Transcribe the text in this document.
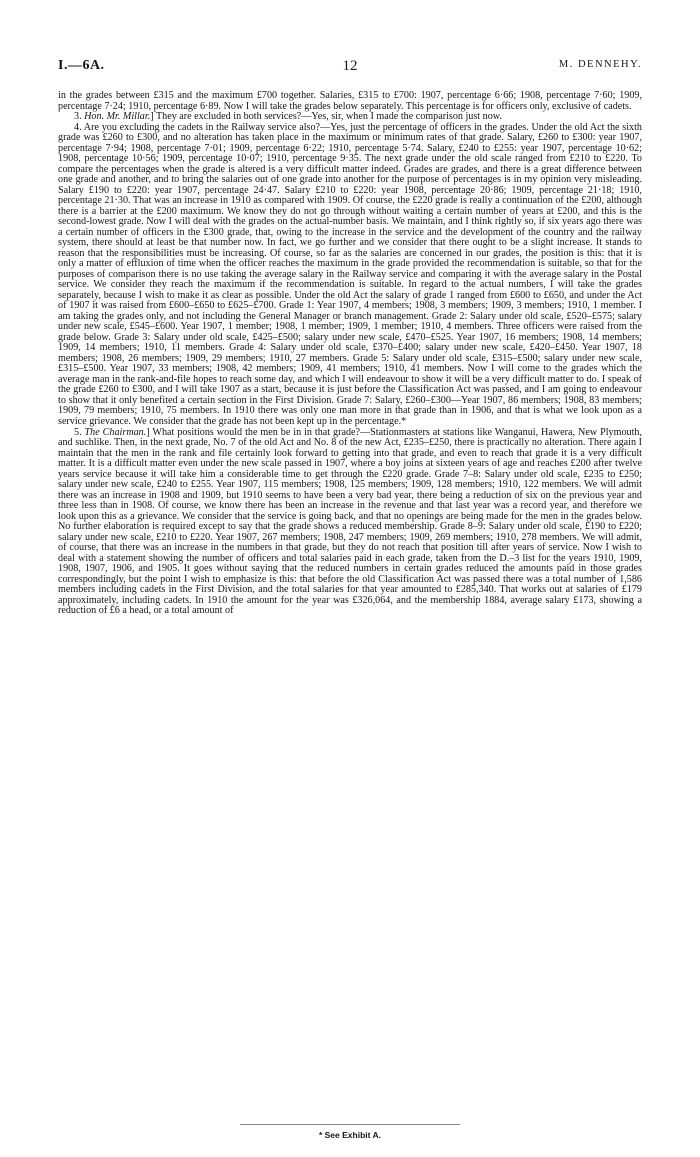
12
I.—6A.	M. DENNEHY.

in the grades between £315 and the maximum £700 together. Salaries, £315 to £700: 1907, percentage 6·66; 1908, percentage 7·60; 1909, percentage 7·24; 1910, percentage 6·89. Now I will take the grades below separately. This percentage is for officers only, exclusive of cadets.

3. Hon. Mr. Millar.] They are excluded in both services?—Yes, sir, when I made the comparison just now.

4. Are you excluding the cadets in the Railway service also?—Yes, just the percentage of officers in the grades. Under the old Act the sixth grade was £260 to £300, and no alteration has taken place in the maximum or minimum rates of that grade. Salary, £260 to £300: year 1907, percentage 7·94; 1908, percentage 7·01; 1909, percentage 6·22; 1910, percentage 5·74. Salary, £240 to £255: year 1907, percentage 10·62; 1908, percentage 10·56; 1909, percentage 10·07; 1910, percentage 9·35. The next grade under the old scale ranged from £210 to £220. To compare the percentages when the grade is altered is a very difficult matter indeed. Grades are grades, and there is a great difference between one grade and another, and to bring the salaries out of one grade into another for the purpose of percentages is in my opinion very misleading. Salary £190 to £220: year 1907, percentage 24·47. Salary £210 to £220: year 1908, percentage 20·86; 1909, percentage 21·18; 1910, percentage 21·30. That was an increase in 1910 as compared with 1909. Of course, the £220 grade is really a continuation of the £200, although there is a barrier at the £200 maximum. We know they do not go through without waiting a certain number of years at £200, and this is the second-lowest grade. Now I will deal with the grades on the actual-number basis. We maintain, and I think rightly so, if six years ago there was a certain number of officers in the £300 grade, that, owing to the increase in the service and the development of the country and the railway system, there should at least be that number now. In fact, we go further and we consider that there ought to be a slight increase. It stands to reason that the responsibilities must be increasing. Of course, so far as the salaries are concerned in our grades, the position is this: that it is only a matter of effluxion of time when the officer reaches the maximum in the grade provided the recommendation is suitable, so that for the purposes of comparison there is no use taking the average salary in the Railway service and comparing it with the average salary in the Postal service. We consider they reach the maximum if the recommendation is suitable. In regard to the actual numbers, I will take the grades separately, because I wish to make it as clear as possible. Under the old Act the salary of grade 1 ranged from £600 to £650, and under the Act of 1907 it was raised from £600–£650 to £625–£700. Grade 1: Year 1907, 4 members; 1908, 3 members; 1909, 3 members; 1910, 1 member. I am taking the grades only, and not including the General Manager or branch management. Grade 2: Salary under old scale, £520–£575; salary under new scale, £545–£600. Year 1907, 1 member; 1908, 1 member; 1909, 1 member; 1910, 4 members. Three officers were raised from the grade below. Grade 3: Salary under old scale, £425–£500; salary under new scale, £470–£525. Year 1907, 16 members; 1908, 14 members; 1909, 14 members; 1910, 11 members. Grade 4: Salary under old scale, £370–£400; salary under new scale, £420–£450. Year 1907, 18 members; 1908, 26 members; 1909, 29 members; 1910, 27 members. Grade 5: Salary under old scale, £315–£500; salary under new scale, £315–£500. Year 1907, 33 members; 1908, 42 members; 1909, 41 members; 1910, 41 members. Now I will come to the grades which the average man in the rank-and-file hopes to reach some day, and which I will endeavour to show it will be a very difficult matter to do. I speak of the grade £260 to £300, and I will take 1907 as a start, because it is just before the Classification Act was passed, and I am going to endeavour to show that it only benefited a certain section in the First Division. Grade 7: Salary, £260–£300—Year 1907, 86 members; 1908, 83 members; 1909, 79 members; 1910, 75 members. In 1910 there was only one man more in that grade than in 1906, and that is what we look upon as a service grievance. We consider that the grade has not been kept up in the percentage.*

5. The Chairman.] What positions would the men be in in that grade?—Stationmasters at stations like Wanganui, Hawera, New Plymouth, and suchlike. Then, in the next grade, No. 7 of the old Act and No. 8 of the new Act, £235–£250, there is practically no alteration. There again I maintain that the men in the rank and file certainly look forward to getting into that grade, and even to reach that grade it is a very difficult matter. It is a difficult matter even under the new scale passed in 1907, where a boy joins at sixteen years of age and reaches £200 after twelve years service because it will take him a considerable time to get through the £220 grade. Grade 7–8: Salary under old scale, £235 to £250; salary under new scale, £240 to £255. Year 1907, 115 members; 1908, 125 members; 1909, 128 members; 1910, 122 members. We will admit there was an increase in 1908 and 1909, but 1910 seems to have been a very bad year, there being a reduction of six on the previous year and three less than in 1908. Of course, we know there has been an increase in the revenue and that last year was a record year, and therefore we look upon this as a grievance. We consider that the service is going back, and that no openings are being made for the men in the grades below. No further elaboration is required except to say that the grade shows a reduced membership. Grade 8–9: Salary under old scale, £190 to £220; salary under new scale, £210 to £220. Year 1907, 267 members; 1908, 247 members; 1909, 269 members; 1910, 278 members. We will admit, of course, that there was an increase in the numbers in that grade, but they do not reach that position till after years of service. Now I wish to deal with a statement showing the number of officers and total salaries paid in each grade, taken from the D.–3 list for the years 1910, 1909, 1908, 1907, 1906, and 1905. It goes without saying that the reduced numbers in certain grades reduced the amounts paid in those grades correspondingly, but the point I wish to emphasize is this: that before the old Classification Act was passed there was a total number of 1,586 members including cadets in the First Division, and the total salaries for that year amounted to £285,340. That works out at salaries of £179 approximately, including cadets. In 1910 the amount for the year was £326,064, and the membership 1884, average salary £173, showing a reduction of £6 a head, or a total amount of

* See Exhibit A.
